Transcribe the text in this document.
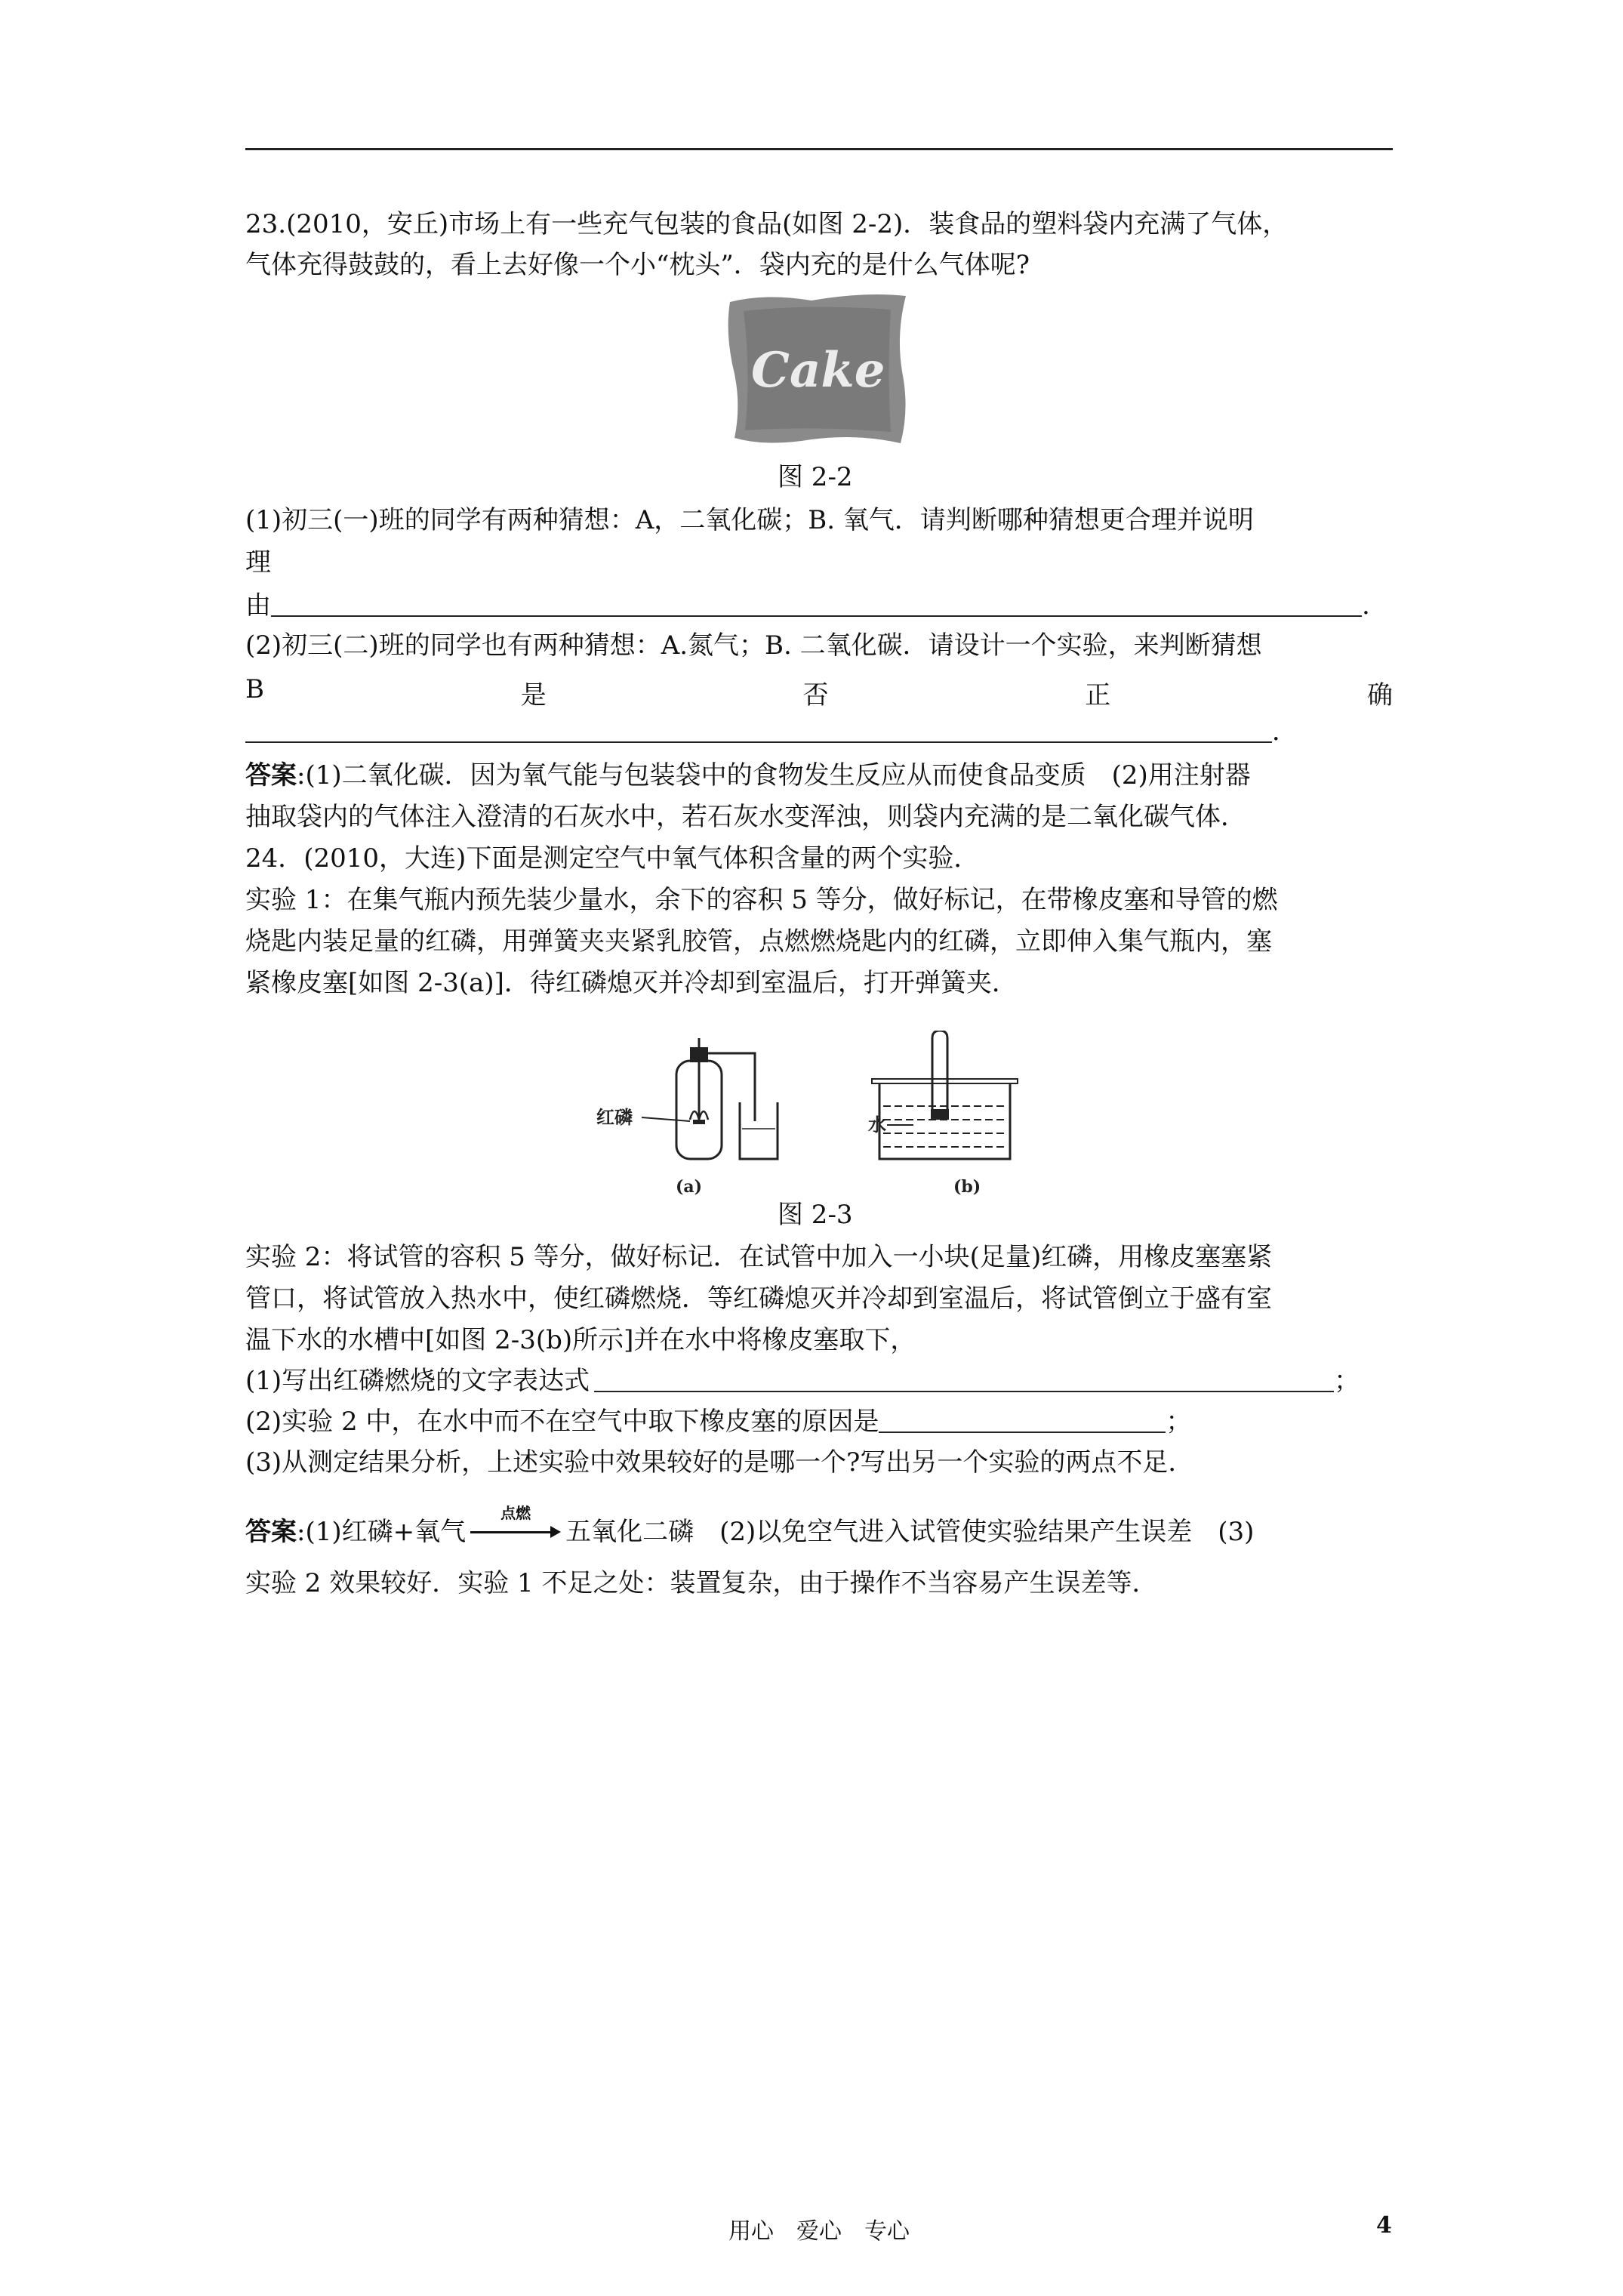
23.(2010，安丘)市场上有一些充气包装的食品(如图 2-2)．装食品的塑料袋内充满了气体，
气体充得鼓鼓的，看上去好像一个小“枕头”．袋内充的是什么气体呢?
Cake
图 2-2
(1)初三(一)班的同学有两种猜想：A，二氧化碳；B. 氧气．请判断哪种猜想更合理并说明
理
由	.
(2)初三(二)班的同学也有两种猜想：A.氮气；B. 二氧化碳．请设计一个实验，来判断猜想
B	是	否	正	确
．
答案:(1)二氧化碳．因为氧气能与包装袋中的食物发生反应从而使食品变质　(2)用注射器
抽取袋内的气体注入澄清的石灰水中，若石灰水变浑浊，则袋内充满的是二氧化碳气体．
24．(2010，大连)下面是测定空气中氧气体积含量的两个实验．
实验 1：在集气瓶内预先装少量水，余下的容积 5 等分，做好标记，在带橡皮塞和导管的燃
烧匙内装足量的红磷，用弹簧夹夹紧乳胶管，点燃燃烧匙内的红磷，立即伸入集气瓶内，塞
紧橡皮塞[如图 2-3(a)]．待红磷熄灭并冷却到室温后，打开弹簧夹．
红磷	水
(a)	(b)
图 2-3
实验 2：将试管的容积 5 等分，做好标记．在试管中加入一小块(足量)红磷，用橡皮塞塞紧
管口，将试管放入热水中，使红磷燃烧．等红磷熄灭并冷却到室温后，将试管倒立于盛有室
温下水的水槽中[如图 2-3(b)所示]并在水中将橡皮塞取下，
(1)写出红磷燃烧的文字表达式	；
(2)实验 2 中，在水中而不在空气中取下橡皮塞的原因是	；
(3)从测定结果分析，上述实验中效果较好的是哪一个?写出另一个实验的两点不足．
答案:(1)红磷+氧气
点燃
五氧化二磷　(2)以免空气进入试管使实验结果产生误差　(3)
实验 2 效果较好．实验 1 不足之处：装置复杂，由于操作不当容易产生误差等．
用心　爱心　专心	4
